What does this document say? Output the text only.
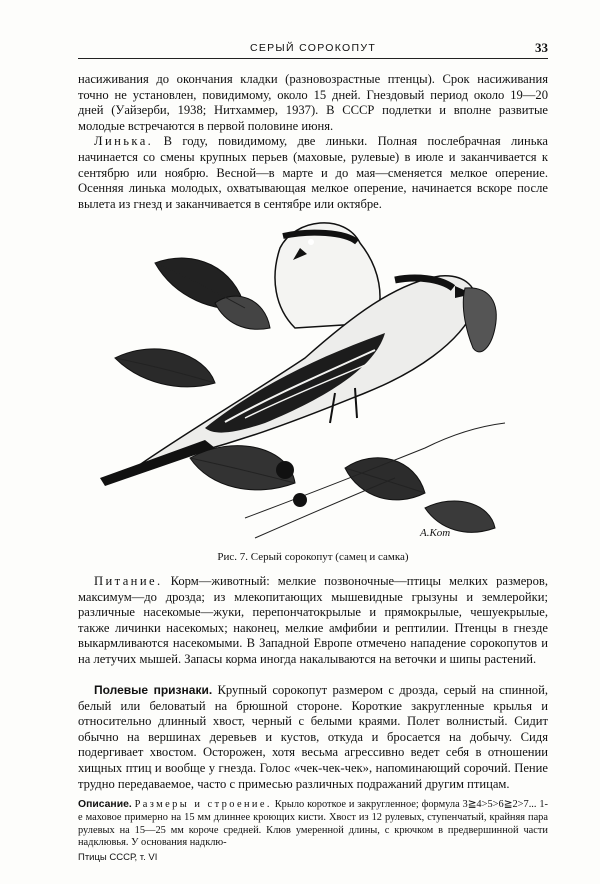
СЕРЫЙ СОРОКОПУТ	33

насиживания до окончания кладки (разновозрастные птенцы). Срок насиживания точно не установлен, повидимому, около 15 дней. Гнездовый период около 19—20 дней (Уайзерби, 1938; Нитхаммер, 1937). В СССР подлетки и вполне развитые молодые встречаются в первой половине июня.

Линька. В году, повидимому, две линьки. Полная послебрачная линька начинается со смены крупных перьев (маховые, рулевые) в июле и заканчивается к сентябрю или ноябрю. Весной—в марте и до мая—сменяется мелкое оперение. Осенняя линька молодых, охватывающая мелкое оперение, начинается вскоре после вылета из гнезд и заканчивается в сентябре или октябре.

A.Kom
Рис. 7. Серый сорокопут (самец и самка)

Питание. Корм—животный: мелкие позвоночные—птицы мелких размеров, максимум—до дрозда; из млекопитающих мышевидные грызуны и землеройки; различные насекомые—жуки, перепончатокрылые и прямокрылые, чешуекрылые, также личинки насекомых; наконец, мелкие амфибии и рептилии. Птенцы в гнезде выкармливаются насекомыми. В Западной Европе отмечено нападение сорокопутов и на летучих мышей. Запасы корма иногда накалываются на веточки и шипы растений.

Полевые признаки. Крупный сорокопут размером с дрозда, серый на спинной, белый или беловатый на брюшной стороне. Короткие закругленные крылья и относительно длинный хвост, черный с белыми краями. Полет волнистый. Сидит обычно на вершинах деревьев и кустов, откуда и бросается на добычу. Сидя подергивает хвостом. Осторожен, хотя весьма агрессивно ведет себя в отношении хищных птиц и вообще у гнезда. Голос «чек-чек-чек», напоминающий сорочий. Пение трудно передаваемое, часто с примесью различных подражаний другим птицам.

Описание. Размеры и строение. Крыло короткое и закругленное; формула 3≧4>5>6≧2>7... 1-е маховое примерно на 15 мм длиннее кроющих кисти. Хвост из 12 рулевых, ступенчатый, крайняя пара рулевых на 15—25 мм короче средней. Клюв умеренной длины, с крючком в предвершинной части надклювья. У основания надклю-

Птицы СССР, т. VI
